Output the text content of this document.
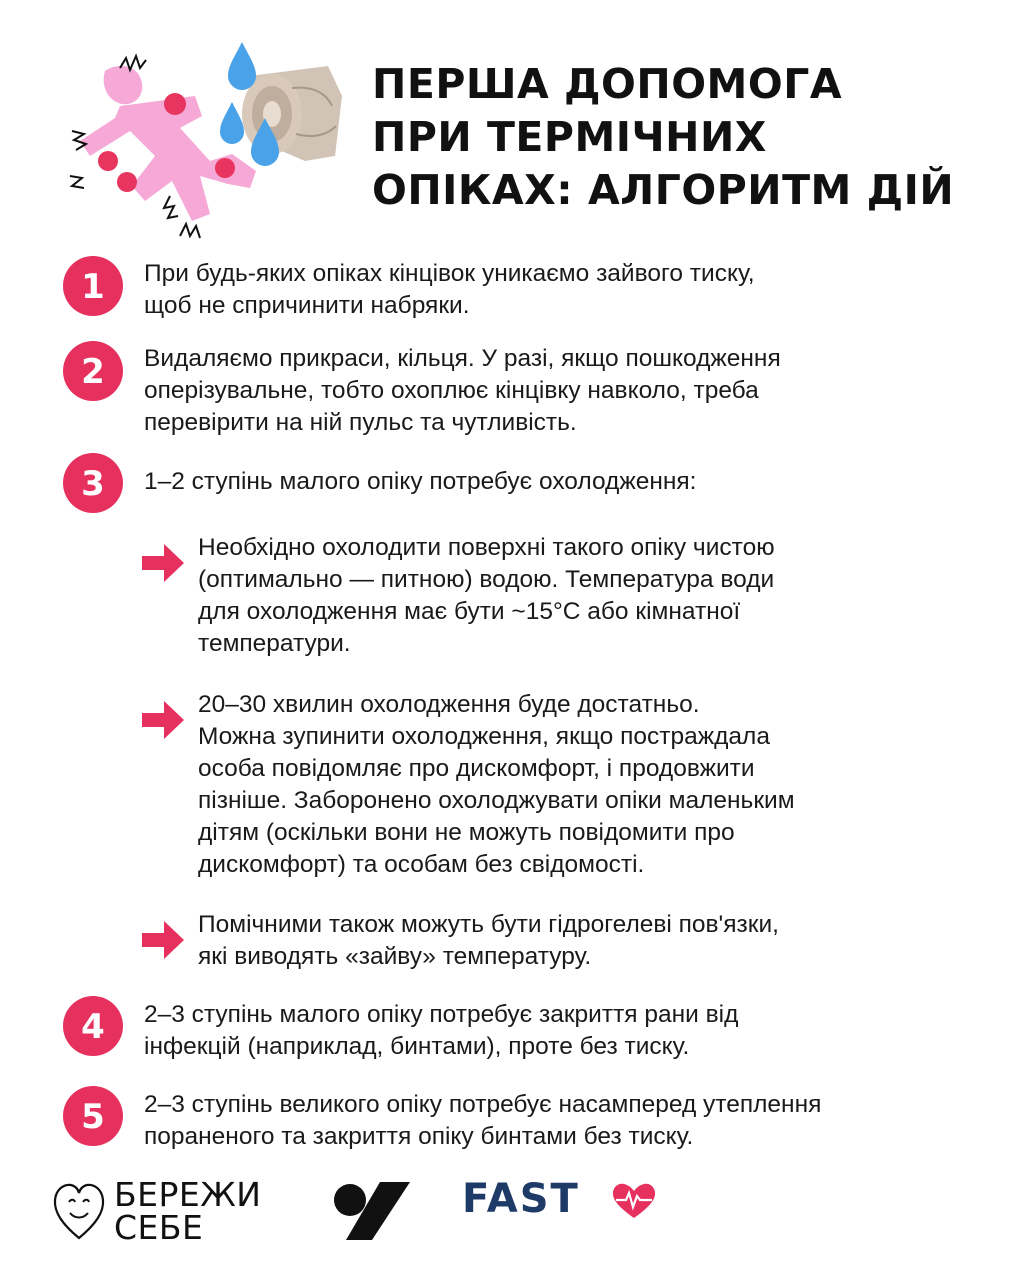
ПЕРША ДОПОМОГА
ПРИ ТЕРМІЧНИХ
ОПІКАХ: АЛГОРИТМ ДІЙ
1 При будь-яких опіках кінцівок уникаємо зайвого тиску,
щоб не спричинити набряки.
2 Видаляємо прикраси, кільця. У разі, якщо пошкодження
оперізувальне, тобто охоплює кінцівку навколо, треба
перевірити на ній пульс та чутливість.
3 1–2 ступінь малого опіку потребує охолодження:
Необхідно охолодити поверхні такого опіку чистою
(оптимально — питною) водою. Температура води
для охолодження має бути ~15°С або кімнатної
температури.
20–30 хвилин охолодження буде достатньо.
Можна зупинити охолодження, якщо постраждала
особа повідомляє про дискомфорт, і продовжити
пізніше. Заборонено охолоджувати опіки маленьким
дітям (оскільки вони не можуть повідомити про
дискомфорт) та особам без свідомості.
Помічними також можуть бути гідрогелеві пов'язки,
які виводять «зайву» температуру.
4 2–3 ступінь малого опіку потребує закриття рани від
інфекцій (наприклад, бинтами), проте без тиску.
5 2–3 ступінь великого опіку потребує насамперед утеплення
пораненого та закриття опіку бинтами без тиску.
БЕРЕЖИ
СЕБЕ
FAST
